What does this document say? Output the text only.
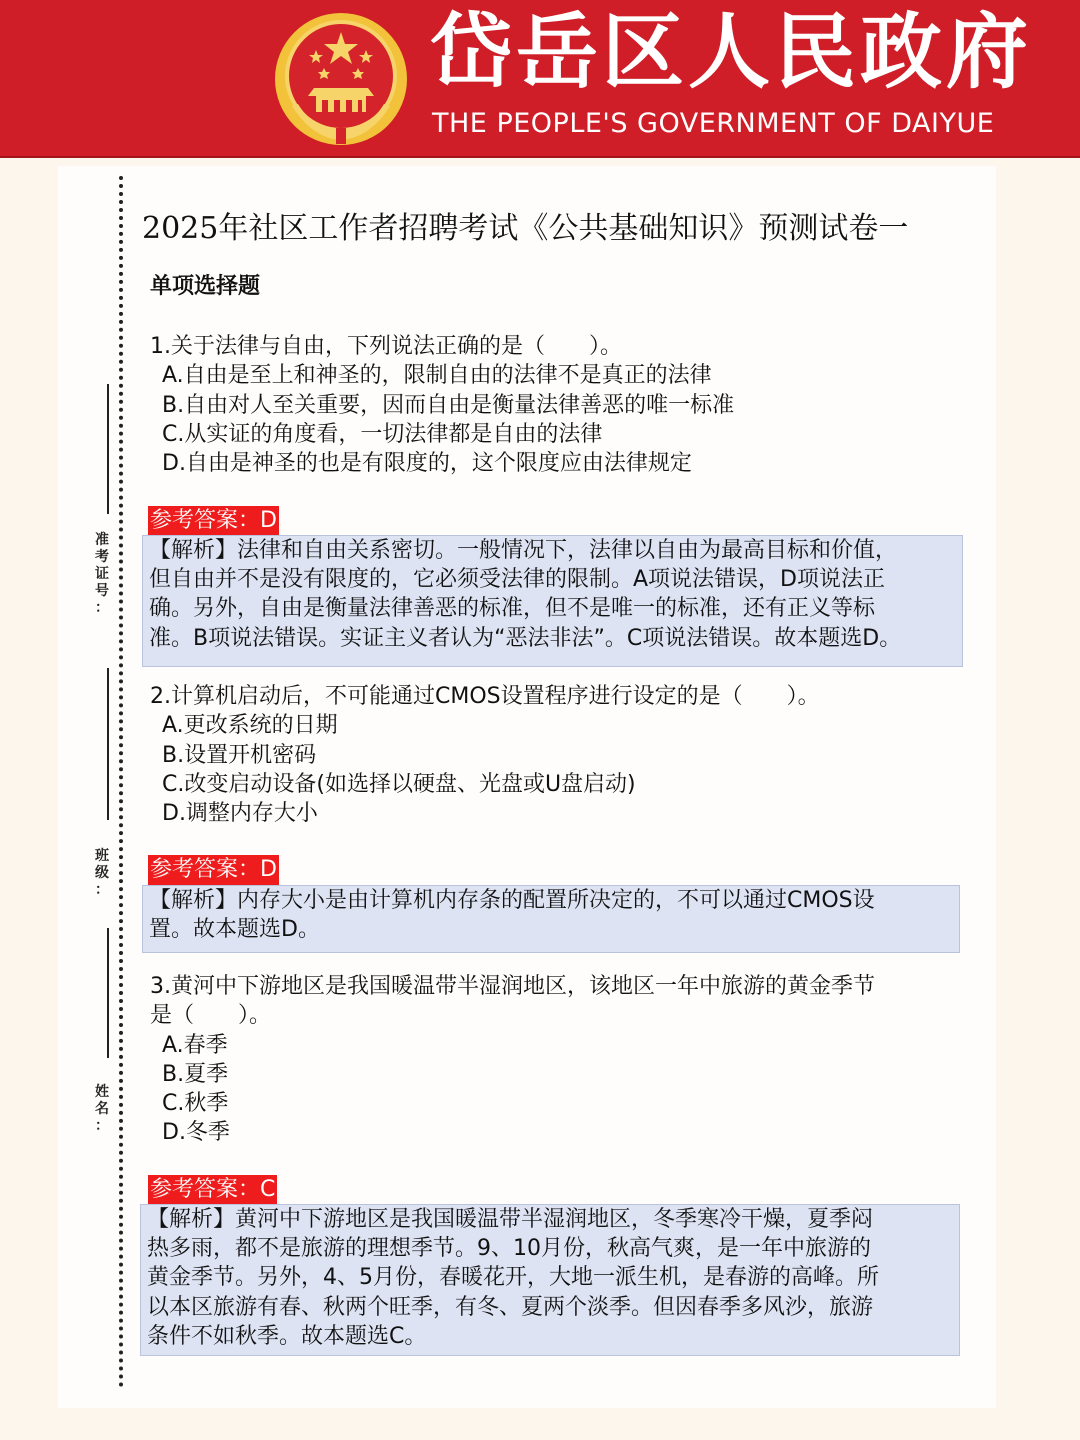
岱岳区人民政府
THE PEOPLE'S GOVERNMENT OF DAIYUE
准
考
证
号
：
班
级
：
姓
名
：
2025年社区工作者招聘考试《公共基础知识》预测试卷一
单项选择题

1.关于法律与自由，下列说法正确的是（　　）。

A.自由是至上和神圣的，限制自由的法律不是真正的法律

B.自由对人至关重要，因而自由是衡量法律善恶的唯一标准

C.从实证的角度看，一切法律都是自由的法律

D.自由是神圣的也是有限度的，这个限度应由法律规定

参考答案：D
【解析】法律和自由关系密切。一般情况下，法律以自由为最高目标和价值，
但自由并不是没有限度的，它必须受法律的限制。A项说法错误，D项说法正
确。另外，自由是衡量法律善恶的标准，但不是唯一的标准，还有正义等标
准。B项说法错误。实证主义者认为“恶法非法”。C项说法错误。故本题选D。

2.计算机启动后，不可能通过CMOS设置程序进行设定的是（　　）。

A.更改系统的日期

B.设置开机密码

C.改变启动设备(如选择以硬盘、光盘或U盘启动)

D.调整内存大小

参考答案：D
【解析】内存大小是由计算机内存条的配置所决定的，不可以通过CMOS设
置。故本题选D。

3.黄河中下游地区是我国暖温带半湿润地区，该地区一年中旅游的黄金季节

是（　　）。

A.春季

B.夏季

C.秋季

D.冬季

参考答案：C
【解析】黄河中下游地区是我国暖温带半湿润地区，冬季寒冷干燥，夏季闷
热多雨，都不是旅游的理想季节。9、10月份，秋高气爽，是一年中旅游的
黄金季节。另外，4、5月份，春暖花开，大地一派生机，是春游的高峰。所
以本区旅游有春、秋两个旺季，有冬、夏两个淡季。但因春季多风沙，旅游
条件不如秋季。故本题选C。
